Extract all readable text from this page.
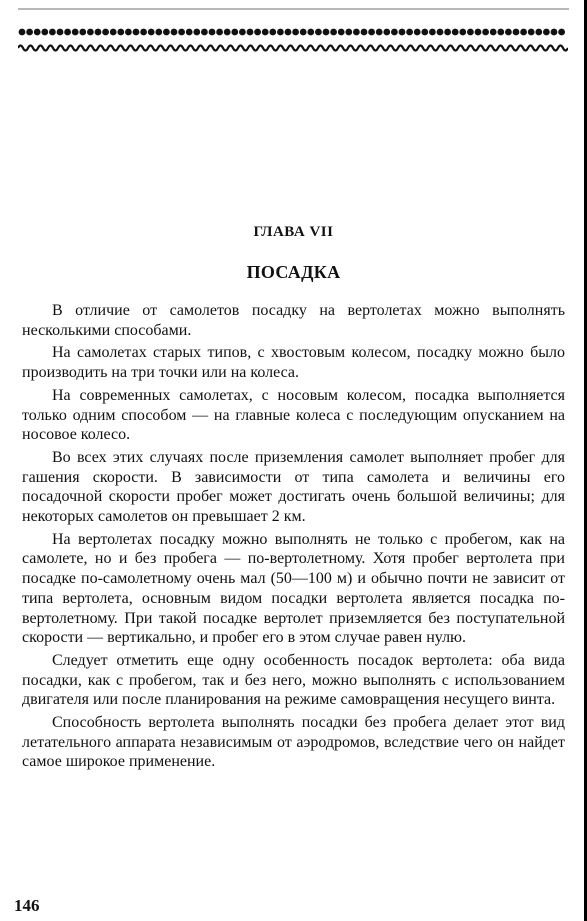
ГЛАВА VII
ПОСАДКА

В отличие от самолетов посадку на вертолетах можно выполнять несколькими способами.

На самолетах старых типов, с хвостовым колесом, посадку можно было производить на три точки или на колеса.

На современных самолетах, с носовым колесом, посадка выполняется только одним способом — на главные колеса с последующим опусканием на носовое колесо.

Во всех этих случаях после приземления самолет выполняет пробег для гашения скорости. В зависимости от типа самолета и величины его посадочной скорости пробег может достигать очень большой величины; для некоторых самолетов он превышает 2 км.

На вертолетах посадку можно выполнять не только с пробегом, как на самолете, но и без пробега — по-вертолетному. Хотя пробег вертолета при посадке по-самолетному очень мал (50—100 м) и обычно почти не зависит от типа вертолета, основным видом посадки вертолета является посадка по-вертолетному. При такой посадке вертолет приземляется без поступательной скорости — вертикально, и пробег его в этом случае равен нулю.

Следует отметить еще одну особенность посадок вертолета: оба вида посадки, как с пробегом, так и без него, можно выполнять с использованием двигателя или после планирования на режиме самовращения несущего винта.

Способность вертолета выполнять посадки без пробега делает этот вид летательного аппарата независимым от аэродромов, вследствие чего он найдет самое широкое применение.

146
